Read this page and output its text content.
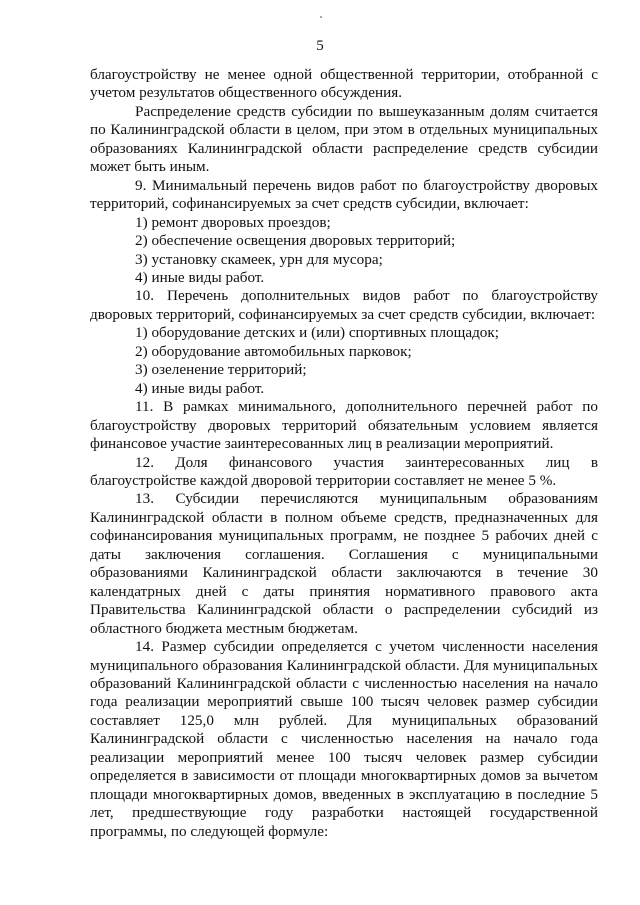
5

благоустройству не менее одной общественной территории, отобранной с учетом результатов общественного обсуждения.

Распределение средств субсидии по вышеуказанным долям считается по Калининградской области в целом, при этом в отдельных муниципальных образованиях Калининградской области распределение средств субсидии может быть иным.

9. Минимальный перечень видов работ по благоустройству дворовых территорий, софинансируемых за счет средств субсидии, включает:

1) ремонт дворовых проездов;

2) обеспечение освещения дворовых территорий;

3) установку скамеек, урн для мусора;

4) иные виды работ.

10. Перечень дополнительных видов работ по благоустройству дворовых территорий, софинансируемых за счет средств субсидии, включает:

1) оборудование детских и (или) спортивных площадок;

2) оборудование автомобильных парковок;

3) озеленение территорий;

4) иные виды работ.

11. В рамках минимального, дополнительного перечней работ по благоустройству дворовых территорий обязательным условием является финансовое участие заинтересованных лиц в реализации мероприятий.

12. Доля финансового участия заинтересованных лиц в благоустройстве каждой дворовой территории составляет не менее 5 %.

13. Субсидии перечисляются муниципальным образованиям Калининградской области в полном объеме средств, предназначенных для софинансирования муниципальных программ, не позднее 5 рабочих дней с даты заключения соглашения. Соглашения с муниципальными образованиями Калининградской области заключаются в течение 30 календатрных дней с даты принятия нормативного правового акта Правительства Калининградской области о распределении субсидий из областного бюджета местным бюджетам.

14. Размер субсидии определяется с учетом численности населения муниципального образования Калининградской области. Для муниципальных образований Калининградской области с численностью населения на начало года реализации мероприятий свыше 100 тысяч человек размер субсидии составляет 125,0 млн рублей. Для муниципальных образований Калининградской области с численностью населения на начало года реализации мероприятий менее 100 тысяч человек размер субсидии определяется в зависимости от площади многоквартирных домов за вычетом площади многоквартирных домов, введенных в эксплуатацию в последние 5 лет, предшествующие году разработки настоящей государственной программы, по следующей формуле:
